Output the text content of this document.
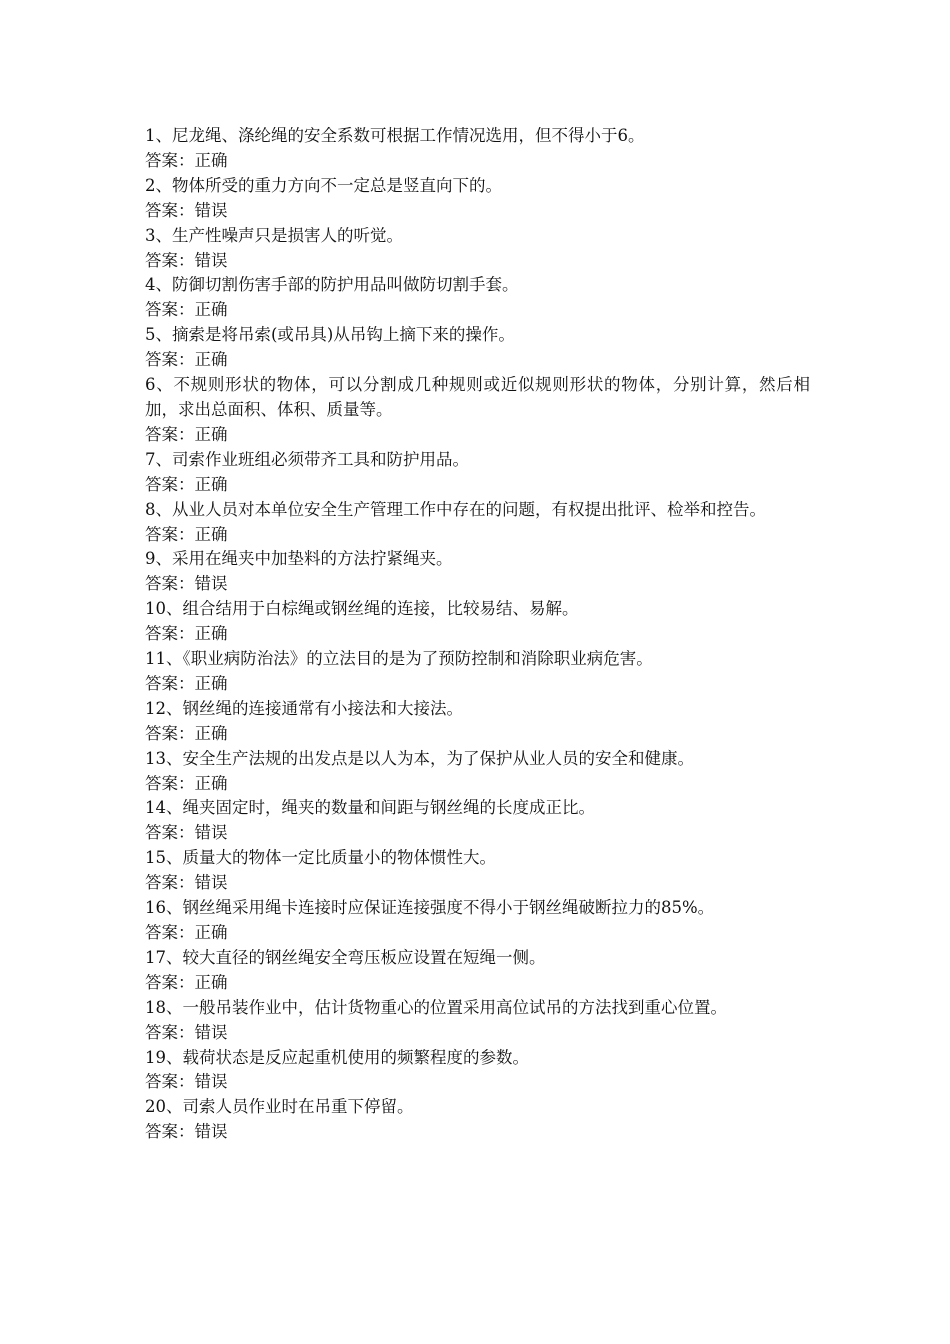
1、尼龙绳、涤纶绳的安全系数可根据工作情况选用，但不得小于6。

答案：正确

2、物体所受的重力方向不一定总是竖直向下的。

答案：错误

3、生产性噪声只是损害人的听觉。

答案：错误

4、防御切割伤害手部的防护用品叫做防切割手套。

答案：正确

5、摘索是将吊索(或吊具)从吊钩上摘下来的操作。

答案：正确

6、不规则形状的物体，可以分割成几种规则或近似规则形状的物体，分别计算，然后相加，求出总面积、体积、质量等。

答案：正确

7、司索作业班组必须带齐工具和防护用品。

答案：正确

8、从业人员对本单位安全生产管理工作中存在的问题，有权提出批评、检举和控告。

答案：正确

9、采用在绳夹中加垫料的方法拧紧绳夹。

答案：错误

10、组合结用于白棕绳或钢丝绳的连接，比较易结、易解。

答案：正确

11、《职业病防治法》的立法目的是为了预防控制和消除职业病危害。

答案：正确

12、钢丝绳的连接通常有小接法和大接法。

答案：正确

13、安全生产法规的出发点是以人为本，为了保护从业人员的安全和健康。

答案：正确

14、绳夹固定时，绳夹的数量和间距与钢丝绳的长度成正比。

答案：错误

15、质量大的物体一定比质量小的物体惯性大。

答案：错误

16、钢丝绳采用绳卡连接时应保证连接强度不得小于钢丝绳破断拉力的85%。

答案：正确

17、较大直径的钢丝绳安全弯压板应设置在短绳一侧。

答案：正确

18、一般吊装作业中，估计货物重心的位置采用高位试吊的方法找到重心位置。

答案：错误

19、载荷状态是反应起重机使用的频繁程度的参数。

答案：错误

20、司索人员作业时在吊重下停留。

答案：错误
